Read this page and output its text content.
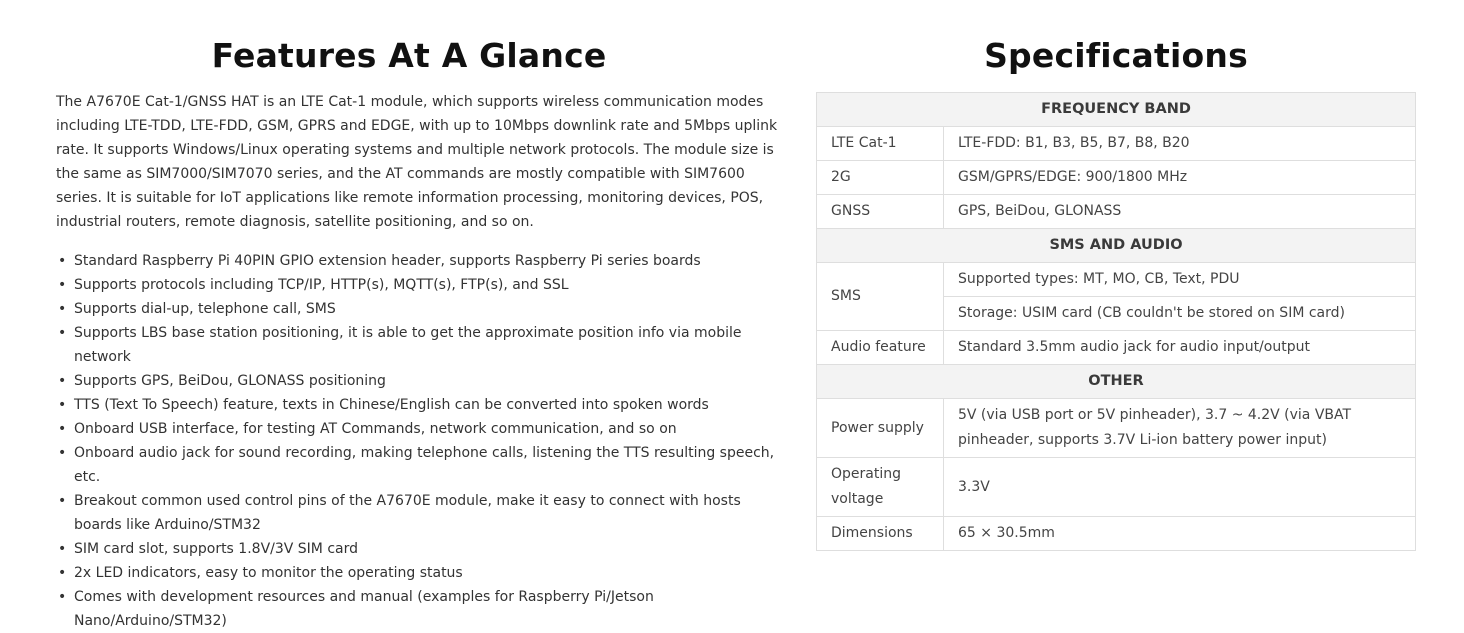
Features At A Glance

The A7670E Cat-1/GNSS HAT is an LTE Cat-1 module, which supports wireless communication modes including LTE-TDD, LTE-FDD, GSM, GPRS and EDGE, with up to 10Mbps downlink rate and 5Mbps uplink rate. It supports Windows/Linux operating systems and multiple network protocols. The module size is the same as SIM7000/SIM7070 series, and the AT commands are mostly compatible with SIM7600 series. It is suitable for IoT applications like remote information processing, monitoring devices, POS, industrial routers, remote diagnosis, satellite positioning, and so on.

• Standard Raspberry Pi 40PIN GPIO extension header, supports Raspberry Pi series boards
• Supports protocols including TCP/IP, HTTP(s), MQTT(s), FTP(s), and SSL
• Supports dial-up, telephone call, SMS
• Supports LBS base station positioning, it is able to get the approximate position info via mobile network
• Supports GPS, BeiDou, GLONASS positioning
• TTS (Text To Speech) feature, texts in Chinese/English can be converted into spoken words
• Onboard USB interface, for testing AT Commands, network communication, and so on
• Onboard audio jack for sound recording, making telephone calls, listening the TTS resulting speech, etc.
• Breakout common used control pins of the A7670E module, make it easy to connect with hosts boards like Arduino/STM32
• SIM card slot, supports 1.8V/3V SIM card
• 2x LED indicators, easy to monitor the operating status
• Comes with development resources and manual (examples for Raspberry Pi/Jetson Nano/Arduino/STM32)
Specifications
FREQUENCY BAND	
LTE Cat-1	LTE-FDD: B1, B3, B5, B7, B8, B20
2G	GSM/GPRS/EDGE: 900/1800 MHz
GNSS	GPS, BeiDou, GLONASS
SMS AND AUDIO	
SMS	Supported types: MT, MO, CB, Text, PDU
	Storage: USIM card (CB couldn't be stored on SIM card)
Audio feature	Standard 3.5mm audio jack for audio input/output
OTHER	
Power supply	5V (via USB port or 5V pinheader), 3.7 ~ 4.2V (via VBAT pinheader, supports 3.7V Li-ion battery power input)
Operating voltage	3.3V
Dimensions	65 × 30.5mm
